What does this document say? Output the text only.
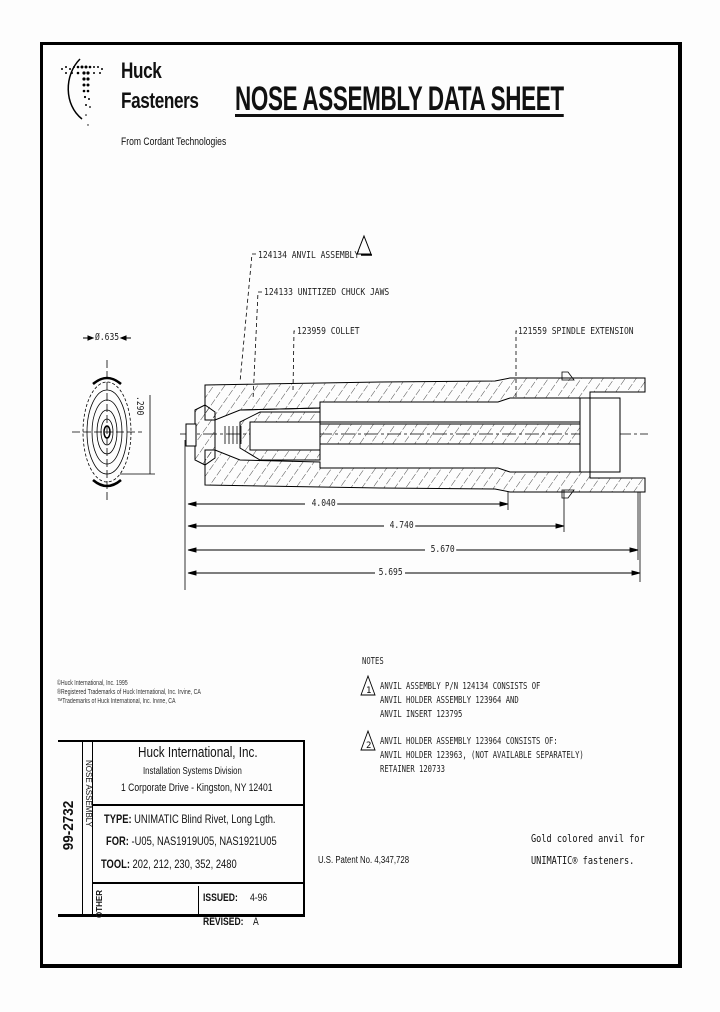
Huck
Fasteners
From Cordant Technologies
NOSE ASSEMBLY DATA SHEET
124134 ANVIL ASSEMBLY
124133 UNITIZED CHUCK JAWS
123959 COLLET	121559 SPINDLE EXTENSION
Ø.635
.290
4.040
4.740
5.670
5.695
©Huck International, Inc. 1995
®Registered Trademarks of Huck International, Inc. Irvine, CA
™Trademarks of Huck International, Inc. Irvine, CA
NOTES
1 ANVIL ASSEMBLY P/N 124134 CONSISTS OF
ANVIL HOLDER ASSEMBLY 123964 AND
ANVIL INSERT 123795
2 ANVIL HOLDER ASSEMBLY 123964 CONSISTS OF:
ANVIL HOLDER 123963, (NOT AVAILABLE SEPARATELY)
RETAINER 120733
99-2732 NOSE ASSEMBLY
OTHER
Huck International, Inc.
Installation Systems Division
1 Corporate Drive - Kingston, NY 12401
TYPE: UNIMATIC Blind Rivet, Long Lgth.
FOR: -U05, NAS1919U05, NAS1921U05
TOOL: 202, 212, 230, 352, 2480
ISSUED: 4-96
REVISED: A
U.S. Patent No. 4,347,728
Gold colored anvil for
UNIMATIC® fasteners.
